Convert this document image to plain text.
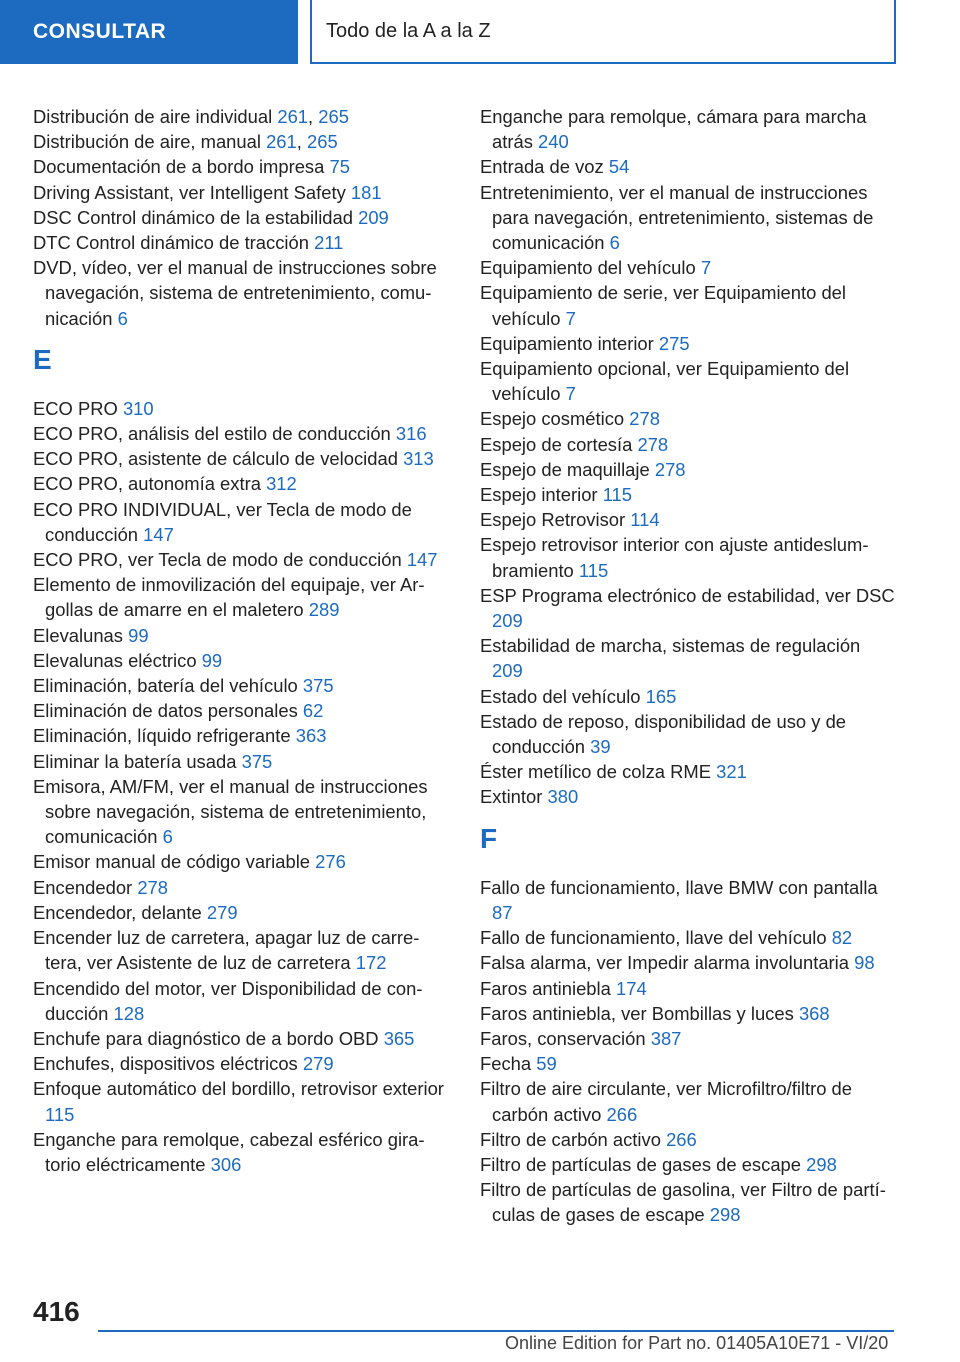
CONSULTAR	Todo de la A a la Z
Distribución de aire individual 261, 265
Distribución de aire, manual 261, 265
Documentación de a bordo impresa 75
Driving Assistant, ver Intelligent Safety 181
DSC Control dinámico de la estabilidad 209
DTC Control dinámico de tracción 211
DVD, vídeo, ver el manual de instrucciones sobre navegación, sistema de entretenimiento, comunicación 6
E
ECO PRO 310
ECO PRO, análisis del estilo de conducción 316
ECO PRO, asistente de cálculo de velocidad 313
ECO PRO, autonomía extra 312
ECO PRO INDIVIDUAL, ver Tecla de modo de conducción 147
ECO PRO, ver Tecla de modo de conducción 147
Elemento de inmovilización del equipaje, ver Argollas de amarre en el maletero 289
Elevalunas 99
Elevalunas eléctrico 99
Eliminación, batería del vehículo 375
Eliminación de datos personales 62
Eliminación, líquido refrigerante 363
Eliminar la batería usada 375
Emisora, AM/FM, ver el manual de instrucciones sobre navegación, sistema de entretenimiento, comunicación 6
Emisor manual de código variable 276
Encendedor 278
Encendedor, delante 279
Encender luz de carretera, apagar luz de carretera, ver Asistente de luz de carretera 172
Encendido del motor, ver Disponibilidad de conducción 128
Enchufe para diagnóstico de a bordo OBD 365
Enchufes, dispositivos eléctricos 279
Enfoque automático del bordillo, retrovisor exterior 115
Enganche para remolque, cabezal esférico giratorio eléctricamente 306
Enganche para remolque, cámara para marcha atrás 240
Entrada de voz 54
Entretenimiento, ver el manual de instrucciones para navegación, entretenimiento, sistemas de comunicación 6
Equipamiento del vehículo 7
Equipamiento de serie, ver Equipamiento del vehículo 7
Equipamiento interior 275
Equipamiento opcional, ver Equipamiento del vehículo 7
Espejo cosmético 278
Espejo de cortesía 278
Espejo de maquillaje 278
Espejo interior 115
Espejo Retrovisor 114
Espejo retrovisor interior con ajuste antideslumbramiento 115
ESP Programa electrónico de estabilidad, ver DSC 209
Estabilidad de marcha, sistemas de regulación 209
Estado del vehículo 165
Estado de reposo, disponibilidad de uso y de conducción 39
Éster metílico de colza RME 321
Extintor 380
F
Fallo de funcionamiento, llave BMW con pantalla 87
Fallo de funcionamiento, llave del vehículo 82
Falsa alarma, ver Impedir alarma involuntaria 98
Faros antiniebla 174
Faros antiniebla, ver Bombillas y luces 368
Faros, conservación 387
Fecha 59
Filtro de aire circulante, ver Microfiltro/filtro de carbón activo 266
Filtro de carbón activo 266
Filtro de partículas de gases de escape 298
Filtro de partículas de gasolina, ver Filtro de partículas de gases de escape 298
416
Online Edition for Part no. 01405A10E71 - VI/20
